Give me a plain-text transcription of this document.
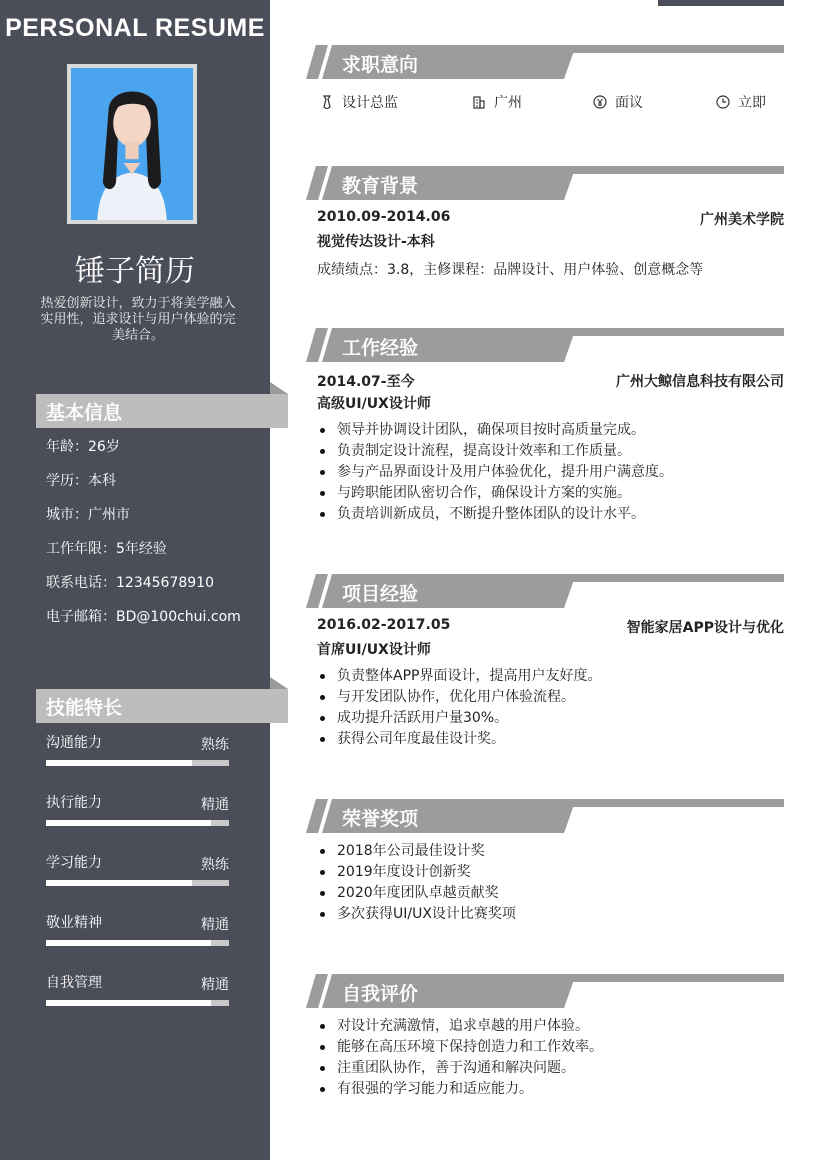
PERSONAL RESUME
锤子简历
热爱创新设计，致力于将美学融入实用性，追求设计与用户体验的完美结合。
基本信息
年龄：26岁
学历：本科
城市：广州市
工作年限：5年经验
联系电话：12345678910
电子邮箱：BD@100chui.com
技能特长
沟通能力	熟练
执行能力	精通
学习能力	熟练
敬业精神	精通
自我管理	精通
求职意向
设计总监	广州	面议	立即
教育背景
2010.09-2014.06	广州美术学院
视觉传达设计-本科
成绩绩点：3.8，主修课程：品牌设计、用户体验、创意概念等
工作经验
2014.07-至今	广州大鲸信息科技有限公司
高级UI/UX设计师
领导并协调设计团队，确保项目按时高质量完成。
负责制定设计流程，提高设计效率和工作质量。
参与产品界面设计及用户体验优化，提升用户满意度。
与跨职能团队密切合作，确保设计方案的实施。
负责培训新成员，不断提升整体团队的设计水平。
项目经验
2016.02-2017.05	智能家居APP设计与优化
首席UI/UX设计师
负责整体APP界面设计，提高用户友好度。
与开发团队协作，优化用户体验流程。
成功提升活跃用户量30%。
获得公司年度最佳设计奖。
荣誉奖项
2018年公司最佳设计奖
2019年度设计创新奖
2020年度团队卓越贡献奖
多次获得UI/UX设计比赛奖项
自我评价
对设计充满激情，追求卓越的用户体验。
能够在高压环境下保持创造力和工作效率。
注重团队协作，善于沟通和解决问题。
有很强的学习能力和适应能力。
